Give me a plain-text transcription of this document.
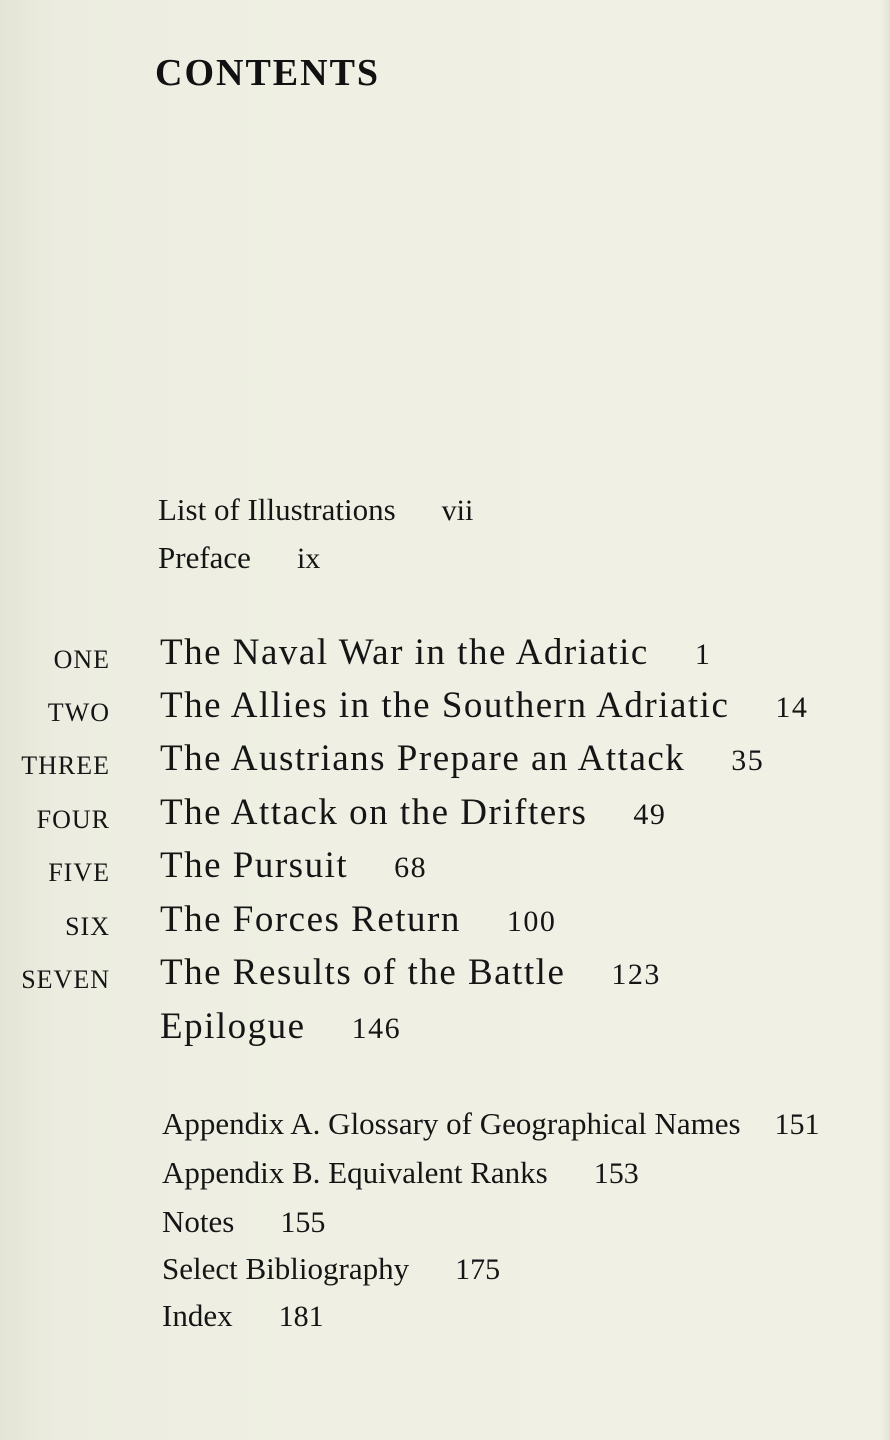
CONTENTS

List of Illustrations vii

Preface ix

ONE The Naval War in the Adriatic 1
TWO The Allies in the Southern Adriatic 14
THREE The Austrians Prepare an Attack 35
FOUR The Attack on the Drifters 49
FIVE The Pursuit 68
SIX The Forces Return 100
SEVEN The Results of the Battle 123
Epilogue 146

Appendix A. Glossary of Geographical Names 151

Appendix B. Equivalent Ranks 153

Notes 155

Select Bibliography 175

Index 181
